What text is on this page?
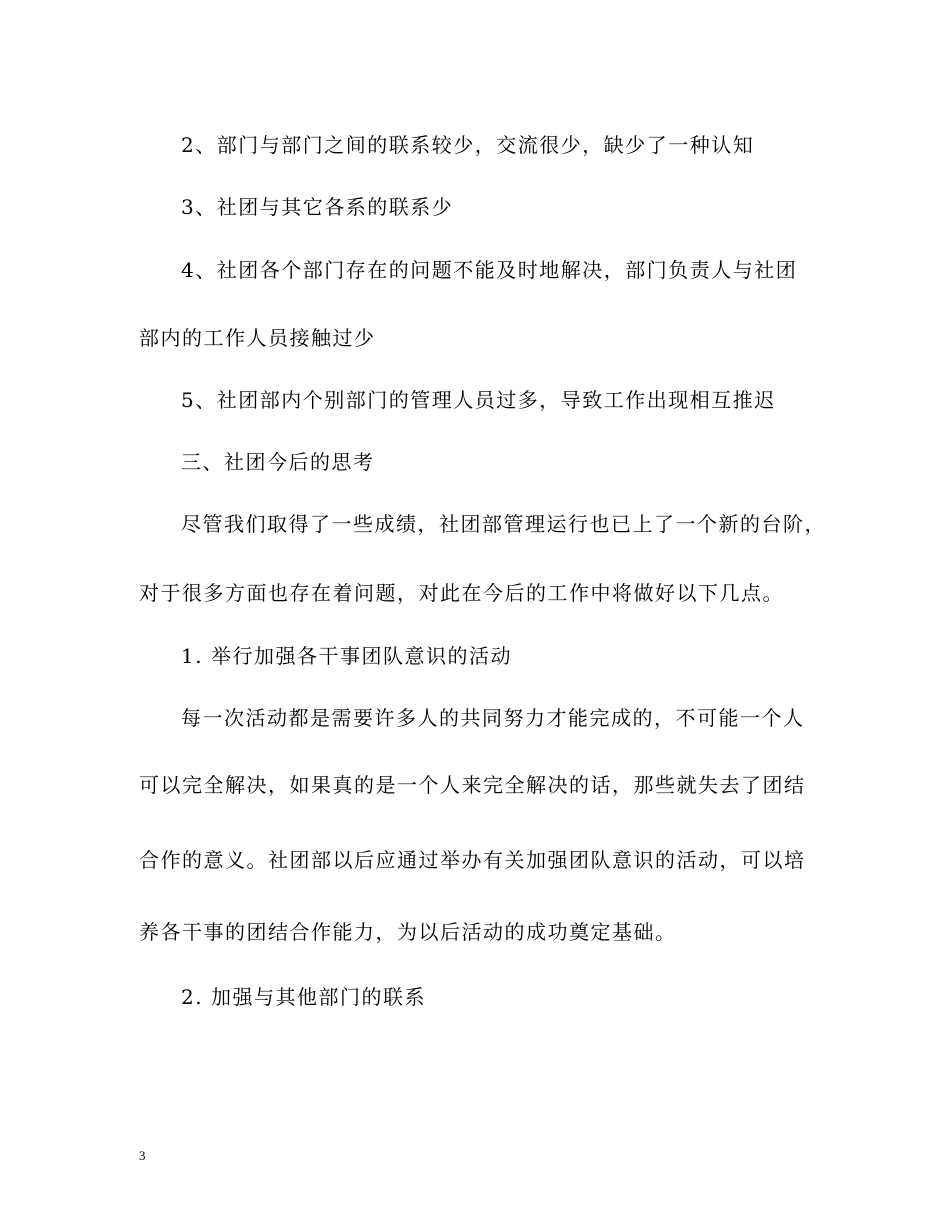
2、部门与部门之间的联系较少，交流很少，缺少了一种认知
3、社团与其它各系的联系少
4、社团各个部门存在的问题不能及时地解决，部门负责人与社团
部内的工作人员接触过少
5、社团部内个别部门的管理人员过多，导致工作出现相互推迟
三、社团今后的思考
尽管我们取得了一些成绩，社团部管理运行也已上了一个新的台阶，
对于很多方面也存在着问题，对此在今后的工作中将做好以下几点。
1. 举行加强各干事团队意识的活动
每一次活动都是需要许多人的共同努力才能完成的，不可能一个人
可以完全解决，如果真的是一个人来完全解决的话，那些就失去了团结
合作的意义。社团部以后应通过举办有关加强团队意识的活动，可以培
养各干事的团结合作能力，为以后活动的成功奠定基础。
2. 加强与其他部门的联系
3
